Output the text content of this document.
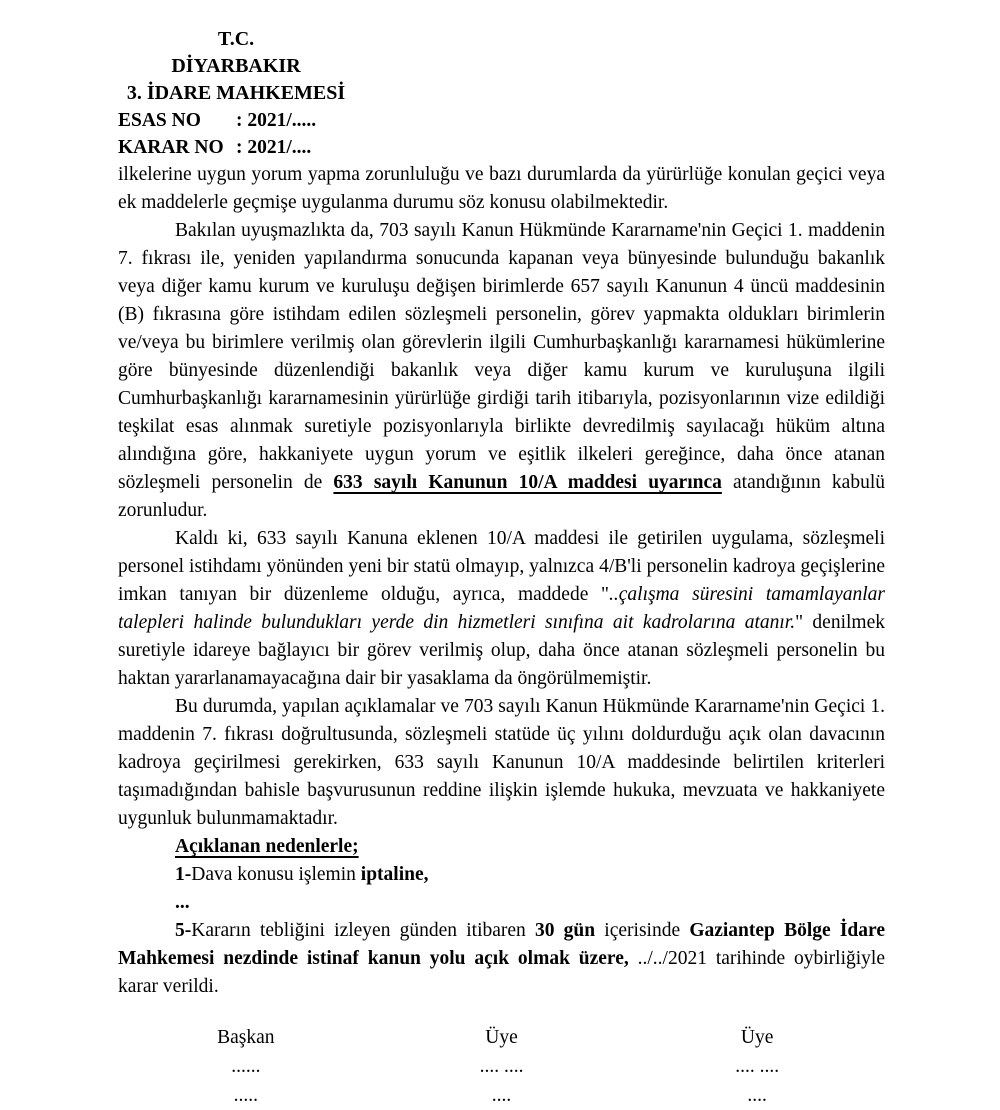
T.C.
DİYARBAKIR
3. İDARE MAHKEMESİ
ESAS NO : 2021/.....
KARAR NO : 2021/....

ilkelerine uygun yorum yapma zorunluluğu ve bazı durumlarda da yürürlüğe konulan geçici veya ek maddelerle geçmişe uygulanma durumu söz konusu olabilmektedir.

Bakılan uyuşmazlıkta da, 703 sayılı Kanun Hükmünde Kararname'nin Geçici 1. maddenin 7. fıkrası ile, yeniden yapılandırma sonucunda kapanan veya bünyesinde bulunduğu bakanlık veya diğer kamu kurum ve kuruluşu değişen birimlerde 657 sayılı Kanunun 4 üncü maddesinin (B) fıkrasına göre istihdam edilen sözleşmeli personelin, görev yapmakta oldukları birimlerin ve/veya bu birimlere verilmiş olan görevlerin ilgili Cumhurbaşkanlığı kararnamesi hükümlerine göre bünyesinde düzenlendiği bakanlık veya diğer kamu kurum ve kuruluşuna ilgili Cumhurbaşkanlığı kararnamesinin yürürlüğe girdiği tarih itibarıyla, pozisyonlarının vize edildiği teşkilat esas alınmak suretiyle pozisyonlarıyla birlikte devredilmiş sayılacağı hüküm altına alındığına göre, hakkaniyete uygun yorum ve eşitlik ilkeleri gereğince, daha önce atanan sözleşmeli personelin de 633 sayılı Kanunun 10/A maddesi uyarınca atandığının kabulü zorunludur.

Kaldı ki, 633 sayılı Kanuna eklenen 10/A maddesi ile getirilen uygulama, sözleşmeli personel istihdamı yönünden yeni bir statü olmayıp, yalnızca 4/B'li personelin kadroya geçişlerine imkan tanıyan bir düzenleme olduğu, ayrıca, maddede "..çalışma süresini tamamlayanlar talepleri halinde bulundukları yerde din hizmetleri sınıfına ait kadrolarına atanır." denilmek suretiyle idareye bağlayıcı bir görev verilmiş olup, daha önce atanan sözleşmeli personelin bu haktan yararlanamayacağına dair bir yasaklama da öngörülmemiştir.

Bu durumda, yapılan açıklamalar ve 703 sayılı Kanun Hükmünde Kararname'nin Geçici 1. maddenin 7. fıkrası doğrultusunda, sözleşmeli statüde üç yılını doldurduğu açık olan davacının kadroya geçirilmesi gerekirken, 633 sayılı Kanunun 10/A maddesinde belirtilen kriterleri taşımadığından bahisle başvurusunun reddine ilişkin işlemde hukuka, mevzuata ve hakkaniyete uygunluk bulunmamaktadır.

Açıklanan nedenlerle;

1-Dava konusu işlemin iptaline,

...

5-Kararın tebliğini izleyen günden itibaren 30 gün içerisinde Gaziantep Bölge İdare Mahkemesi nezdinde istinaf kanun yolu açık olmak üzere, ../../2021 tarihinde oybirliğiyle karar verildi.

Başkan
......
.....
Üye
.... ....
....
Üye
.... ....
....
